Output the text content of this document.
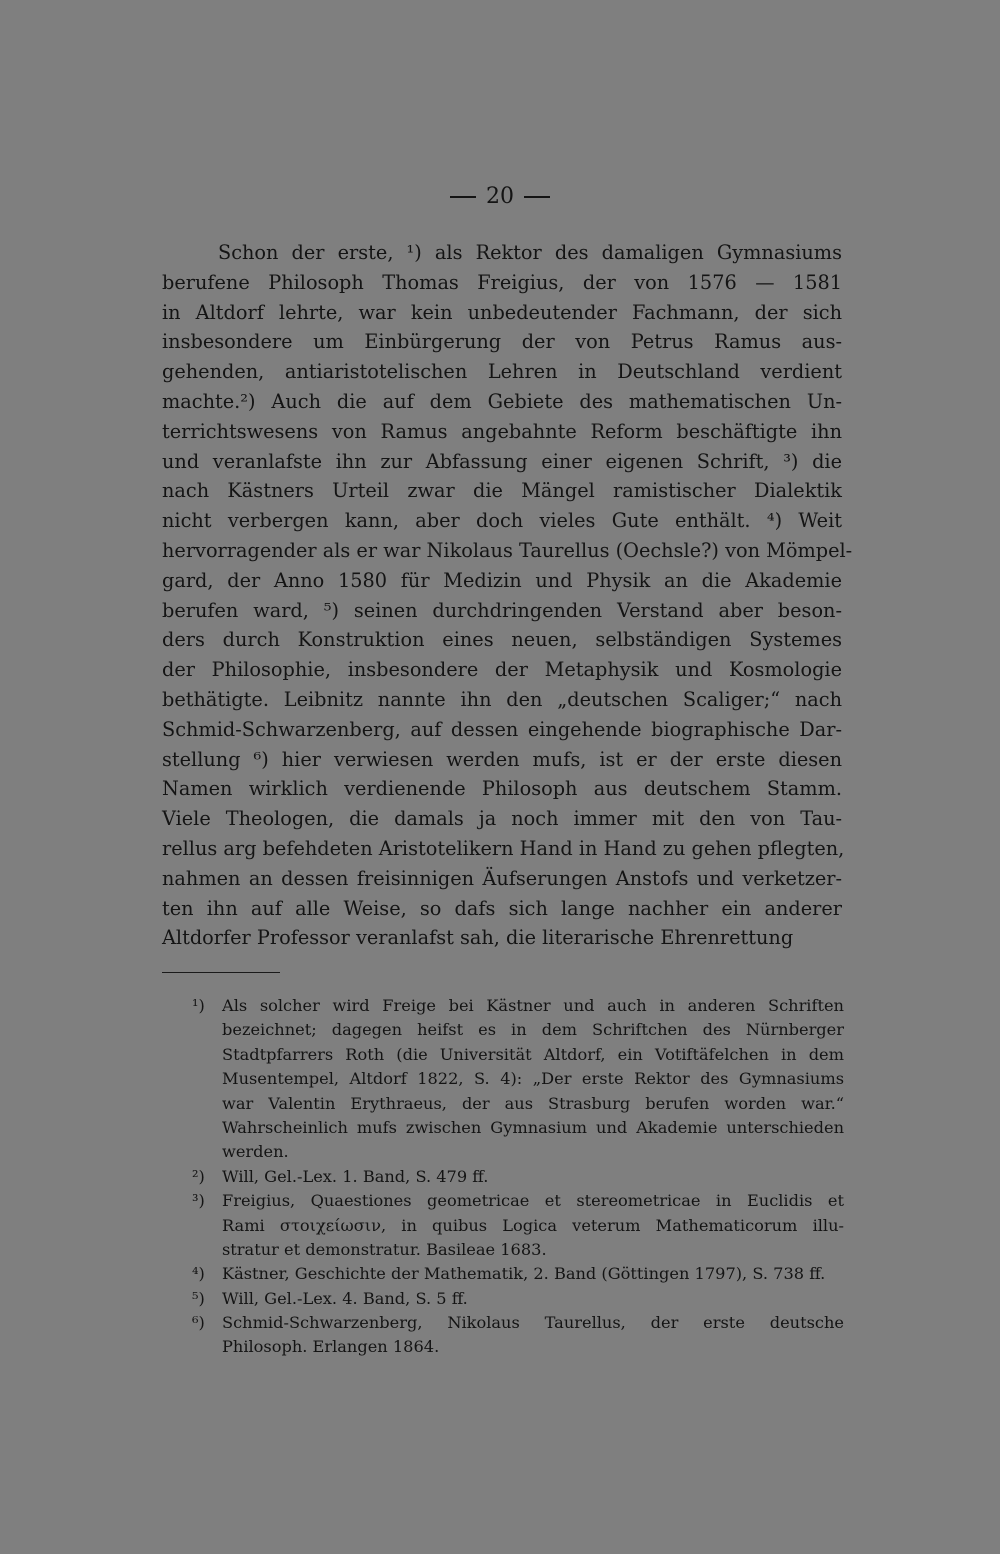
20
Schon der erste, ¹) als Rektor des damaligen Gymnasiums
berufene Philosoph Thomas Freigius, der von 1576 — 1581
in Altdorf lehrte, war kein unbedeutender Fachmann, der sich
insbesondere um Einbürgerung der von Petrus Ramus aus-
gehenden, antiaristotelischen Lehren in Deutschland verdient
machte.²) Auch die auf dem Gebiete des mathematischen Un-
terrichtswesens von Ramus angebahnte Reform beschäftigte ihn
und veranlafste ihn zur Abfassung einer eigenen Schrift, ³) die
nach Kästners Urteil zwar die Mängel ramistischer Dialektik
nicht verbergen kann, aber doch vieles Gute enthält. ⁴) Weit
hervorragender als er war Nikolaus Taurellus (Oechsle?) von Mömpel-
gard, der Anno 1580 für Medizin und Physik an die Akademie
berufen ward, ⁵) seinen durchdringenden Verstand aber beson-
ders durch Konstruktion eines neuen, selbständigen Systemes
der Philosophie, insbesondere der Metaphysik und Kosmologie
bethätigte. Leibnitz nannte ihn den „deutschen Scaliger;“ nach
Schmid-Schwarzenberg, auf dessen eingehende biographische Dar-
stellung ⁶) hier verwiesen werden mufs, ist er der erste diesen
Namen wirklich verdienende Philosoph aus deutschem Stamm.
Viele Theologen, die damals ja noch immer mit den von Tau-
rellus arg befehdeten Aristotelikern Hand in Hand zu gehen pflegten,
nahmen an dessen freisinnigen Äufserungen Anstofs und verketzer-
ten ihn auf alle Weise, so dafs sich lange nachher ein anderer
Altdorfer Professor veranlafst sah, die literarische Ehrenrettung
¹) Als solcher wird Freige bei Kästner und auch in anderen Schriften
bezeichnet; dagegen heifst es in dem Schriftchen des Nürnberger
Stadtpfarrers Roth (die Universität Altdorf, ein Votiftäfelchen in dem
Musentempel, Altdorf 1822, S. 4): „Der erste Rektor des Gymnasiums
war Valentin Erythraeus, der aus Strasburg berufen worden war.“
Wahrscheinlich mufs zwischen Gymnasium und Akademie unterschieden
werden.
²) Will, Gel.-Lex. 1. Band, S. 479 ff.
³) Freigius, Quaestiones geometricae et stereometricae in Euclidis et
Rami στοιχείωσιν, in quibus Logica veterum Mathematicorum illu-
stratur et demonstratur. Basileae 1683.
⁴) Kästner, Geschichte der Mathematik, 2. Band (Göttingen 1797), S. 738 ff.
⁵) Will, Gel.-Lex. 4. Band, S. 5 ff.
⁶) Schmid-Schwarzenberg, Nikolaus Taurellus, der erste deutsche
Philosoph. Erlangen 1864.
